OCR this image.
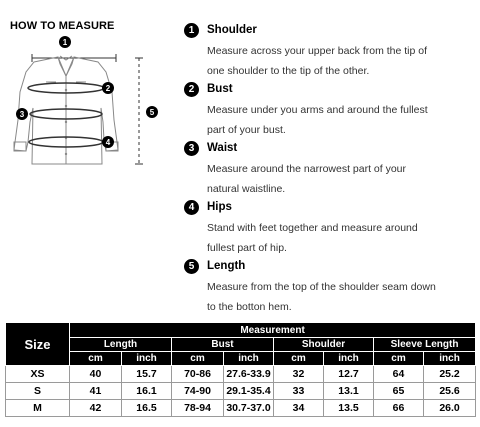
HOW TO MEASURE
1
2
3
4
5
1	Shoulder
Measure across your upper back from the tip of
one shoulder to the tip of the other.
2	Bust
Measure under you arms and around the fullest
part of your bust.
3	Waist
Measure around the narrowest part of your
natural waistline.
4	Hips
Stand with feet together and measure around
fullest part of hip.
5	Length
Measure from the top of the shoulder seam down
to the botton hem.
Size	Measurement							
	Length		Bust		Shoulder		Sleeve Length	
	cm	inch	cm	inch	cm	inch	cm	inch
XS	40	15.7	70-86	27.6-33.9	32	12.7	64	25.2
S	41	16.1	74-90	29.1-35.4	33	13.1	65	25.6
M	42	16.5	78-94	30.7-37.0	34	13.5	66	26.0
